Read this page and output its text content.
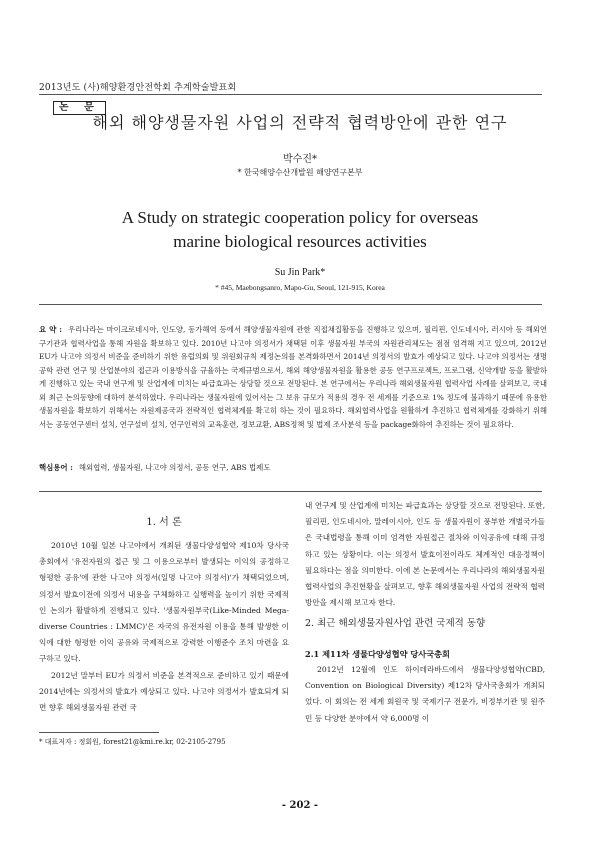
2013년도 (사)해양환경안전학회 추계학술발표회
논 문
해외 해양생물자원 사업의 전략적 협력방안에 관한 연구
박수진*
* 한국해양수산개발원 해양연구본부
A Study on strategic cooperation policy for overseas
marine biological resources activities
Su Jin Park*
* #45, Maebongsanro, Mapo-Gu, Seoul, 121-915, Korea

요 약 : 우리나라는 마이크로네시아, 인도양, 동가해역 등에서 해양생물자원에 관한 직접채집활동을 진행하고 있으며, 필리핀, 인도네시아, 러시아 등 해외연구기관과 협력사업을 통해 자원을 확보하고 있다. 2010년 나고야 의정서가 채택된 이후 생물자원 부국의 자원관리체도는 점점 엄격해 지고 있으며, 2012년 EU가 나고야 의정서 비준을 준비하기 위한 유럽의회 및 위원회규칙 제정논의를 본격화하면서 2014년 의정서의 발효가 예상되고 있다. 나고야 의정서는 생명공학 관련 연구 및 산업분야의 접근과 이용방식을 규율하는 국제규범으로서, 해외 해양생물자원을 활용한 공동 연구프로젝트, 프로그램, 신약개발 등을 활발하게 진행하고 있는 국내 연구계 및 산업계에 미치는 파급효과는 상당할 것으로 전망된다. 본 연구에서는 우리나라 해외생물자원 협력사업 사례를 살펴보고, 국내외 최근 논의동향에 대하여 분석하였다. 우리나라는 생물자원에 있어서는 그 보유 규모가 적용의 경우 전 세계를 기준으로 1% 정도에 불과하기 때문에 유용한 생물자원을 확보하기 위해서는 자원제공국과 전략적인 협력체계를 확고히 하는 것이 필요하다. 해외협력사업을 원활하게 추진하고 협력체계를 강화하기 위해서는 공동연구센터 설치, 연구설비 설치, 연구인력의 교육훈련, 정보교환, ABS정책 및 법제 조사분석 등을 package화하여 추진하는 것이 필요하다.

핵심용어 : 해외협력, 생물자원, 나고야 의정서, 공동 연구, ABS 법제도
1. 서 론

2010년 10월 일본 나고야에서 개최된 생물다양성협약 제10차 당사국총회에서 '유전자원의 접근 및 그 이용으로부터 발생되는 이익의 공정하고 형평한 공유'에 관한 나고야 의정서(일명 나고야 의정서)'가 채택되었으며, 의정서 발효이전에 의정서 내용을 구체화하고 실행력을 높이기 위한 국제적인 논의가 활발하게 진행되고 있다. '생물자원부국(Like-Minded Mega-diverse Countries : LMMC)'은 자국의 유전자원 이용을 통해 발생한 이익에 대한 형평한 이익 공유와 국제적으로 강력한 이행준수 조치 마련을 요구하고 있다.

2012년 말부터 EU가 의정서 비준을 본격적으로 준비하고 있기 때문에 2014년에는 의정서의 발효가 예상되고 있다. 나고야 의정서가 발효되게 되면 향후 해외생물자원 관련 국

내 연구계 및 산업계에 미치는 파급효과는 상당할 것으로 전망된다. 또한, 필리핀, 인도네시아, 말레이시아, 인도 등 생물자원이 풍부한 개별국가들은 국내법령을 통해 이미 엄격한 자원접근 절차와 이익공유에 대해 규정하고 있는 상황이다. 이는 의정서 발효이전이라도 체계적인 대응정책이 필요하다는 점을 의미한다. 이에 본 논문에서는 우리나라의 해외생물자원 협력사업의 추진현황을 살펴보고, 향후 해외생물자원 사업의 전략적 협력방안을 제시해 보고자 한다.

2. 최근 해외생물자원사업 관련 국제적 동향
2.1 제11차 생물다양성협약 당사국총회

2012년 12월에 인도 하이데라바드에서 생물다양성협약(CBD, Convention on Biological Diversity) 제12차 당사국총회가 개최되었다. 이 회의는 전 세계 회원국 및 국제기구 전문가, 비정부기관 및 원주민 등 다양한 분야에서 약 6,000명 이

* 대표저자 : 정회원, forest21@kmi.re.kr, 02-2105-2795
- 202 -
